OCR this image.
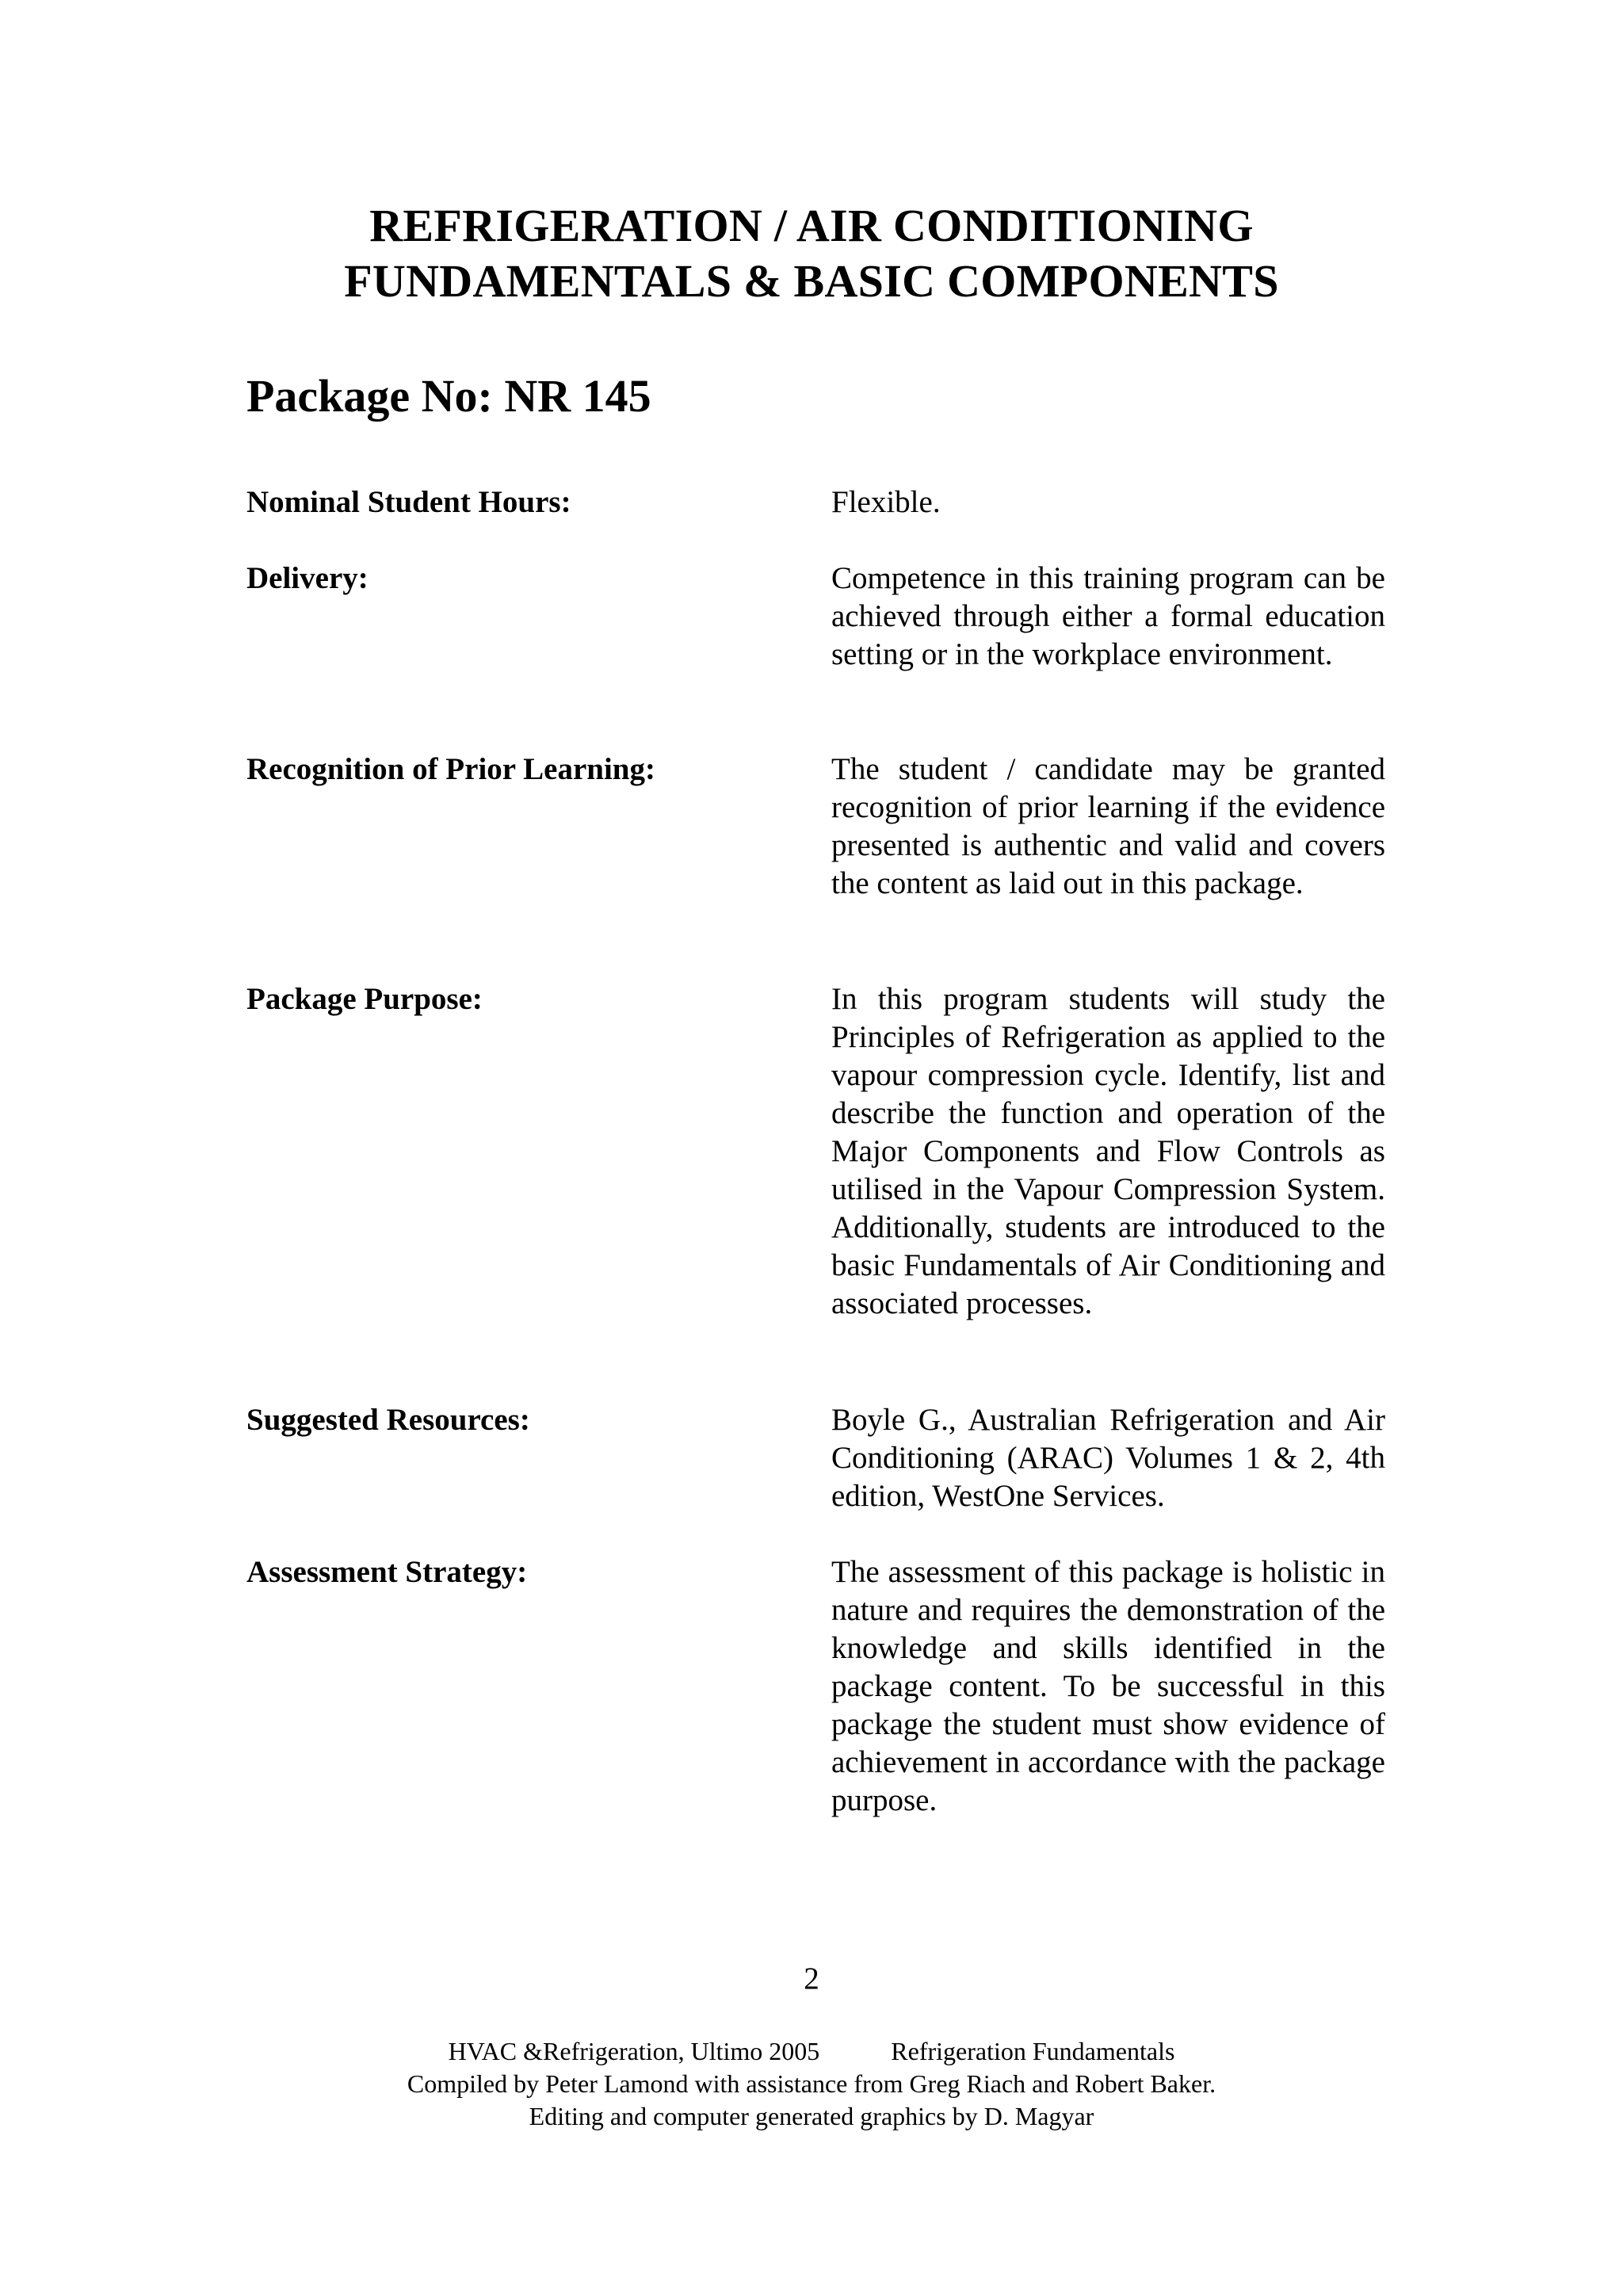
REFRIGERATION / AIR CONDITIONING
FUNDAMENTALS & BASIC COMPONENTS
Package No: NR 145
Nominal Student Hours:	Flexible.
Delivery:	Competence in this training program can be achieved through either a formal education setting or in the workplace environment.
Recognition of Prior Learning:	The student / candidate may be granted recognition of prior learning if the evidence presented is authentic and valid and covers the content as laid out in this package.
Package Purpose:	In this program students will study the Principles of Refrigeration as applied to the vapour compression cycle. Identify, list and describe the function and operation of the Major Components and Flow Controls as utilised in the Vapour Compression System. Additionally, students are introduced to the basic Fundamentals of Air Conditioning and associated processes.
Suggested Resources:	Boyle G., Australian Refrigeration and Air Conditioning (ARAC) Volumes 1 & 2, 4th edition, WestOne Services.
Assessment Strategy:	The assessment of this package is holistic in nature and requires the demonstration of the knowledge and skills identified in the package content. To be successful in this package the student must show evidence of achievement in accordance with the package purpose.
2
HVAC &Refrigeration, Ultimo 2005	Refrigeration Fundamentals
Compiled by Peter Lamond with assistance from Greg Riach and Robert Baker.
Editing and computer generated graphics by D. Magyar
